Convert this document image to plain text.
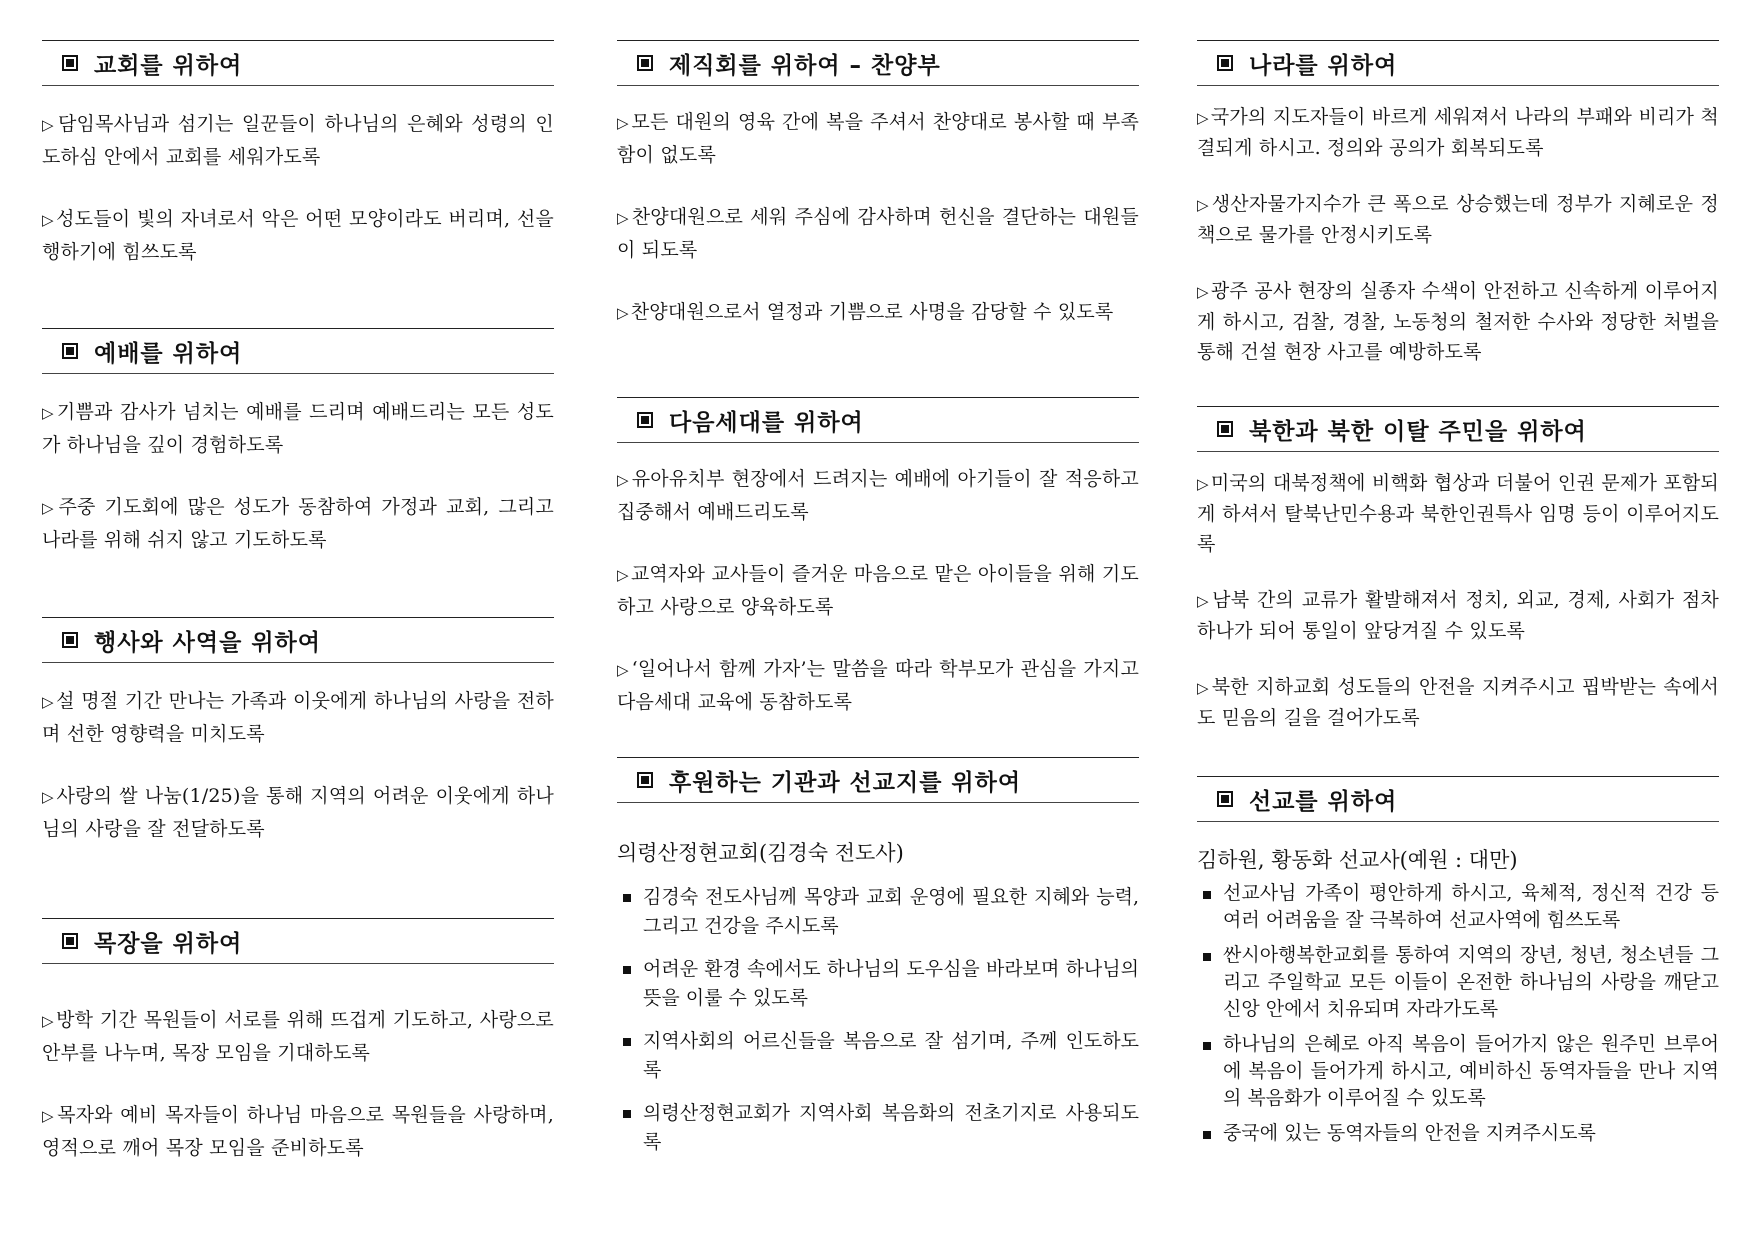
교회를 위하여
▷ 담임목사님과 섬기는 일꾼들이 하나님의 은혜와 성령의 인도하심 안에서 교회를 세워가도록
▷ 성도들이 빛의 자녀로서 악은 어떤 모양이라도 버리며, 선을 행하기에 힘쓰도록
예배를 위하여
▷ 기쁨과 감사가 넘치는 예배를 드리며 예배드리는 모든 성도가 하나님을 깊이 경험하도록
▷ 주중 기도회에 많은 성도가 동참하여 가정과 교회, 그리고 나라를 위해 쉬지 않고 기도하도록
행사와 사역을 위하여
▷ 설 명절 기간 만나는 가족과 이웃에게 하나님의 사랑을 전하며 선한 영향력을 미치도록
▷ 사랑의 쌀 나눔(1/25)을 통해 지역의 어려운 이웃에게 하나님의 사랑을 잘 전달하도록
목장을 위하여
▷ 방학 기간 목원들이 서로를 위해 뜨겁게 기도하고, 사랑으로 안부를 나누며, 목장 모임을 기대하도록
▷ 목자와 예비 목자들이 하나님 마음으로 목원들을 사랑하며, 영적으로 깨어 목장 모임을 준비하도록
제직회를 위하여 – 찬양부
▷ 모든 대원의 영육 간에 복을 주셔서 찬양대로 봉사할 때 부족함이 없도록
▷ 찬양대원으로 세워 주심에 감사하며 헌신을 결단하는 대원들이 되도록
▷ 찬양대원으로서 열정과 기쁨으로 사명을 감당할 수 있도록
다음세대를 위하여
▷ 유아유치부 현장에서 드려지는 예배에 아기들이 잘 적응하고 집중해서 예배드리도록
▷ 교역자와 교사들이 즐거운 마음으로 맡은 아이들을 위해 기도하고 사랑으로 양육하도록
▷ ‘일어나서 함께 가자’는 말씀을 따라 학부모가 관심을 가지고 다음세대 교육에 동참하도록
후원하는 기관과 선교지를 위하여
의령산정현교회(김경숙 전도사)
김경숙 전도사님께 목양과 교회 운영에 필요한 지혜와 능력, 그리고 건강을 주시도록
어려운 환경 속에서도 하나님의 도우심을 바라보며 하나님의 뜻을 이룰 수 있도록
지역사회의 어르신들을 복음으로 잘 섬기며, 주께 인도하도록
의령산정현교회가 지역사회 복음화의 전초기지로 사용되도록
나라를 위하여
▷ 국가의 지도자들이 바르게 세워져서 나라의 부패와 비리가 척결되게 하시고. 정의와 공의가 회복되도록
▷ 생산자물가지수가 큰 폭으로 상승했는데 정부가 지혜로운 정책으로 물가를 안정시키도록
▷ 광주 공사 현장의 실종자 수색이 안전하고 신속하게 이루어지게 하시고, 검찰, 경찰, 노동청의 철저한 수사와 정당한 처벌을 통해 건설 현장 사고를 예방하도록
북한과 북한 이탈 주민을 위하여
▷ 미국의 대북정책에 비핵화 협상과 더불어 인권 문제가 포함되게 하셔서 탈북난민수용과 북한인권특사 임명 등이 이루어지도록
▷ 남북 간의 교류가 활발해져서 정치, 외교, 경제, 사회가 점차 하나가 되어 통일이 앞당겨질 수 있도록
▷ 북한 지하교회 성도들의 안전을 지켜주시고 핍박받는 속에서도 믿음의 길을 걸어가도록
선교를 위하여
김하원, 황동화 선교사(예원 : 대만)
선교사님 가족이 평안하게 하시고, 육체적, 정신적 건강 등 여러 어려움을 잘 극복하여 선교사역에 힘쓰도록
싼시아행복한교회를 통하여 지역의 장년, 청년, 청소년들 그리고 주일학교 모든 이들이 온전한 하나님의 사랑을 깨닫고 신앙 안에서 치유되며 자라가도록
하나님의 은혜로 아직 복음이 들어가지 않은 원주민 브루어에 복음이 들어가게 하시고, 예비하신 동역자들을 만나 지역의 복음화가 이루어질 수 있도록
중국에 있는 동역자들의 안전을 지켜주시도록
